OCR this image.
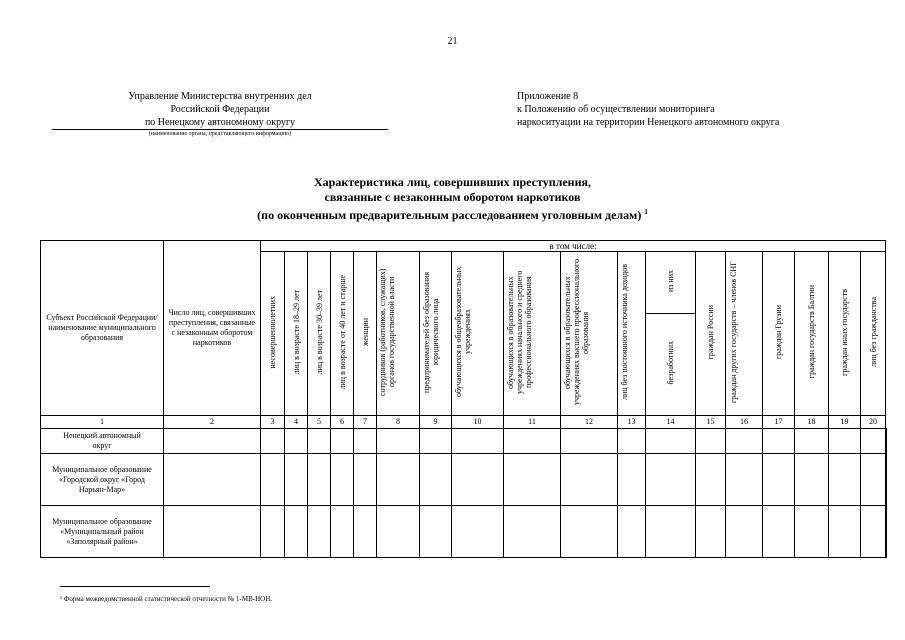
21
Управление Министерства внутренних дел
Российской Федерации
по Ненецкому автономному округу
(наименование органа, представляющего информацию)
Приложение 8
к Положению об осуществлении мониторинга
наркоситуации на территории Ненецкого автономного округа
Характеристика лиц, совершивших преступления,
связанные с незаконным оборотом наркотиков
(по оконченным предварительным расследованием уголовным делам) $^1$
Субъект Российской Федерации/ наименование муниципального образования	Число лиц, совершивших преступления, связанные с незаконным оборотом наркотиков	в том числе:																		
		несовершеннолетних	лиц в возрасте 18–29 лет	лиц в возрасте 30–39 лет	лиц в возрасте от 40 лет и старше	женщин	сотрудников (работников, служащих) органов государственной власти	предпринимателей без образования юридического лица	обучающихся в общеобразовательных учреждениях	обучающихся в образовательных учреждениях начального и среднего профессионального образования	обучающихся в образовательных учреждениях высшего профессионального образования	лиц без постоянного источника доходов	из них	граждан России	граждан других государств – членов СНГ	граждан Грузии	граждан государств Балтии	граждан иных государств	лиц без гражданства	
													безработных							
1	2	3	4	5	6	7	8	9	10	11	12	13	14	15	16	17	18	19	20	
Ненецкий автономный округ																				
Муниципальное образование «Городской округ «Город Нарьян-Мар»																				
Муниципальное образование «Муниципальный район «Заполярный район»																				
¹ Форма межведомственной статистической отчетности № 1-МВ-НОН.
